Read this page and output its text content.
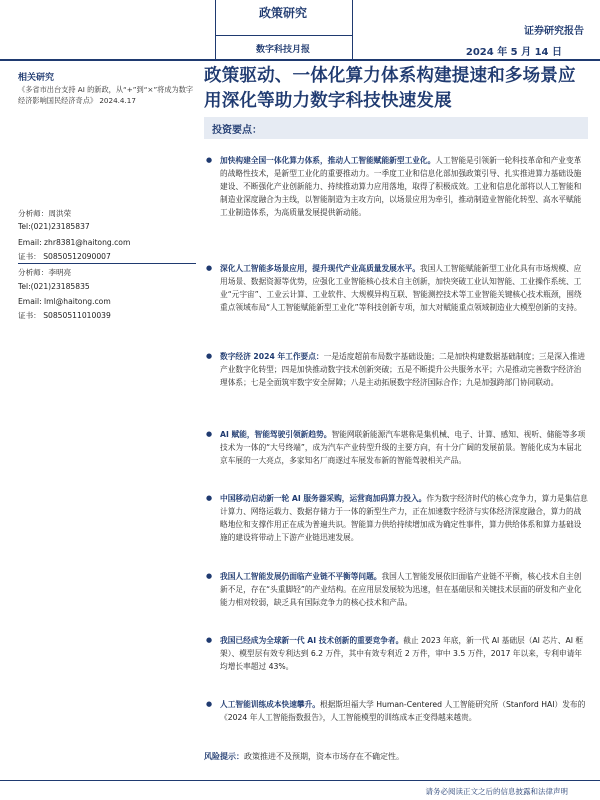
政策研究
数字科技月报
证券研究报告
2024 年 5 月 14 日
相关研究
《多省市出台支持 AI 的新政，从“+”到“×”将成为数字经济影响国民经济奇点》 2024.4.17
分析师：周洪荣
Tel:(021)23185837
Email: zhr8381@haitong.com
证书： S0850512090007
分析师：李明亮
Tel:(021)23185835
Email: lml@haitong.com
证书： S0850511010039
政策驱动、一体化算力体系构建提速和多场景应用深化等助力数字科技快速发展
投资要点：
● 加快构建全国一体化算力体系，推动人工智能赋能新型工业化。人工智能是引领新一轮科技革命和产业变革的战略性技术，是新型工业化的重要推动力。一季度工业和信息化部加强政策引导、扎实推进算力基础设施建设、不断强化产业创新能力、持续推动算力应用落地，取得了积极成效。工业和信息化部将以人工智能和制造业深度融合为主线，以智能制造为主攻方向，以场景应用为牵引，推动制造业智能化转型、高水平赋能工业制造体系，为高质量发展提供新动能。
● 深化人工智能多场景应用，提升现代产业高质量发展水平。我国人工智能赋能新型工业化具有市场规模、应用场景、数据资源等优势，应强化工业智能核心技术自主创新，加快突破工业认知智能、工业操作系统、工业“元宇宙”、工业云计算、工业软件、大规模异构互联、智能测控技术等工业智能关键核心技术瓶颈，围绕重点领域布局“人工智能赋能新型工业化”等科技创新专项，加大对赋能重点领域制造业大模型创新的支持。
● 数字经济 2024 年工作要点：一是适度超前布局数字基础设施；二是加快构建数据基础制度；三是深入推进产业数字化转型；四是加快推动数字技术创新突破；五是不断提升公共服务水平；六是推动完善数字经济治理体系；七是全面筑牢数字安全屏障；八是主动拓展数字经济国际合作；九是加强跨部门协同联动。
● AI 赋能，智能驾驶引领新趋势。智能网联新能源汽车堪称是集机械、电子、计算、感知、视听、储能等多项技术为一体的“大号终端”，成为汽车产业转型升级的主要方向，有十分广阔的发展前景。智能化成为本届北京车展的一大亮点，多家知名厂商遂过车展发布新的智能驾驶相关产品。
● 中国移动启动新一轮 AI 服务器采购，运营商加码算力投入。作为数字经济时代的核心竞争力，算力是集信息计算力、网络运载力、数据存储力于一体的新型生产力，正在加速数字经济与实体经济深度融合，算力的战略地位和支撑作用正在成为普遍共识。智能算力供给持续增加成为确定性事件，算力供给体系和算力基础设施的建设将带动上下游产业链迅速发展。
● 我国人工智能发展仍面临产业链不平衡等问题。我国人工智能发展依旧面临产业链不平衡，核心技术自主创新不足，存在“头重脚轻”的产业结构。在应用层发展较为迅速，但在基础层和关键技术层面的研发和产业化能力相对较弱，缺乏具有国际竞争力的核心技术和产品。
● 我国已经成为全球新一代 AI 技术创新的重要竞争者。截止 2023 年底，新一代 AI 基础层（AI 芯片、AI 框架）、模型层有效专利达到 6.2 万件，其中有效专利近 2 万件，审中 3.5 万件，2017 年以来，专利申请年均增长率超过 43%。
● 人工智能训练成本快速攀升。根据斯坦福大学 Human-Centered 人工智能研究所（Stanford HAI）发布的《2024 年人工智能指数报告》，人工智能模型的训练成本正变得越来越贵。
风险提示：政策推进不及预期，资本市场存在不确定性。
请务必阅读正文之后的信息披露和法律声明
